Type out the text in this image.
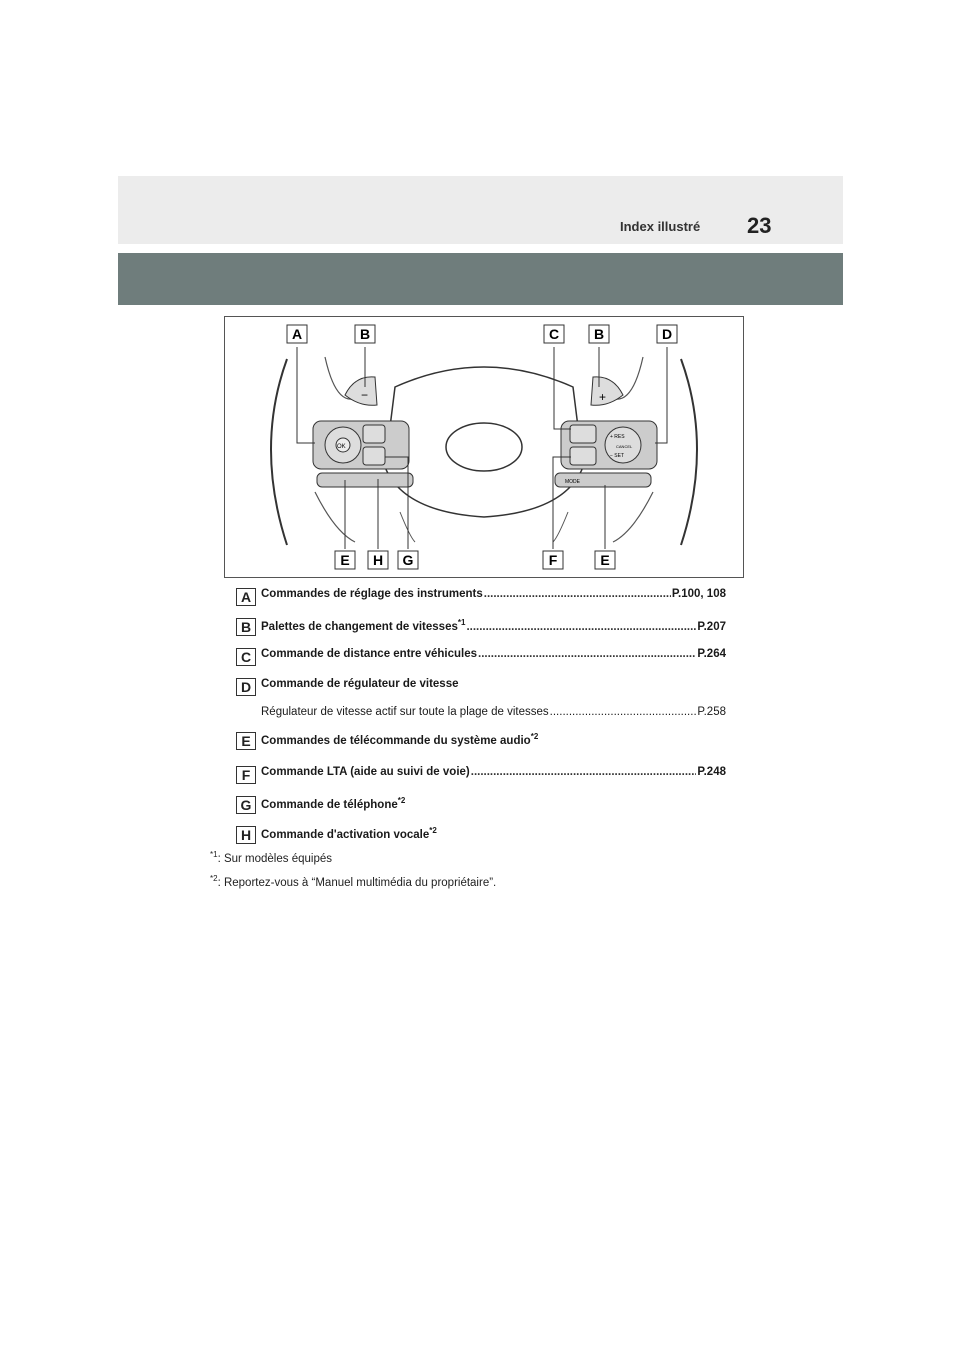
Index illustré 23
−	+
OK
+ RES
− SET
CANCEL
MODE
A	B	C B	D
E H G	F	E
A Commandes de réglage des instruments .....	P.100, 108
B Palettes de changement de vitesses$^{*1}$ .....	P.207
C Commande de distance entre véhicules .....	P.264
D Commande de régulateur de vitesse
Régulateur de vitesse actif sur toute la plage de vitesses .....	P.258
E Commandes de télécommande du système audio$^{*2}$
F Commande LTA (aide au suivi de voie) .....	P.248
G Commande de téléphone$^{*2}$
H Commande d'activation vocale$^{*2}$
$^{*1}$: Sur modèles équipés
$^{*2}$: Reportez-vous à “Manuel multimédia du propriétaire”.
